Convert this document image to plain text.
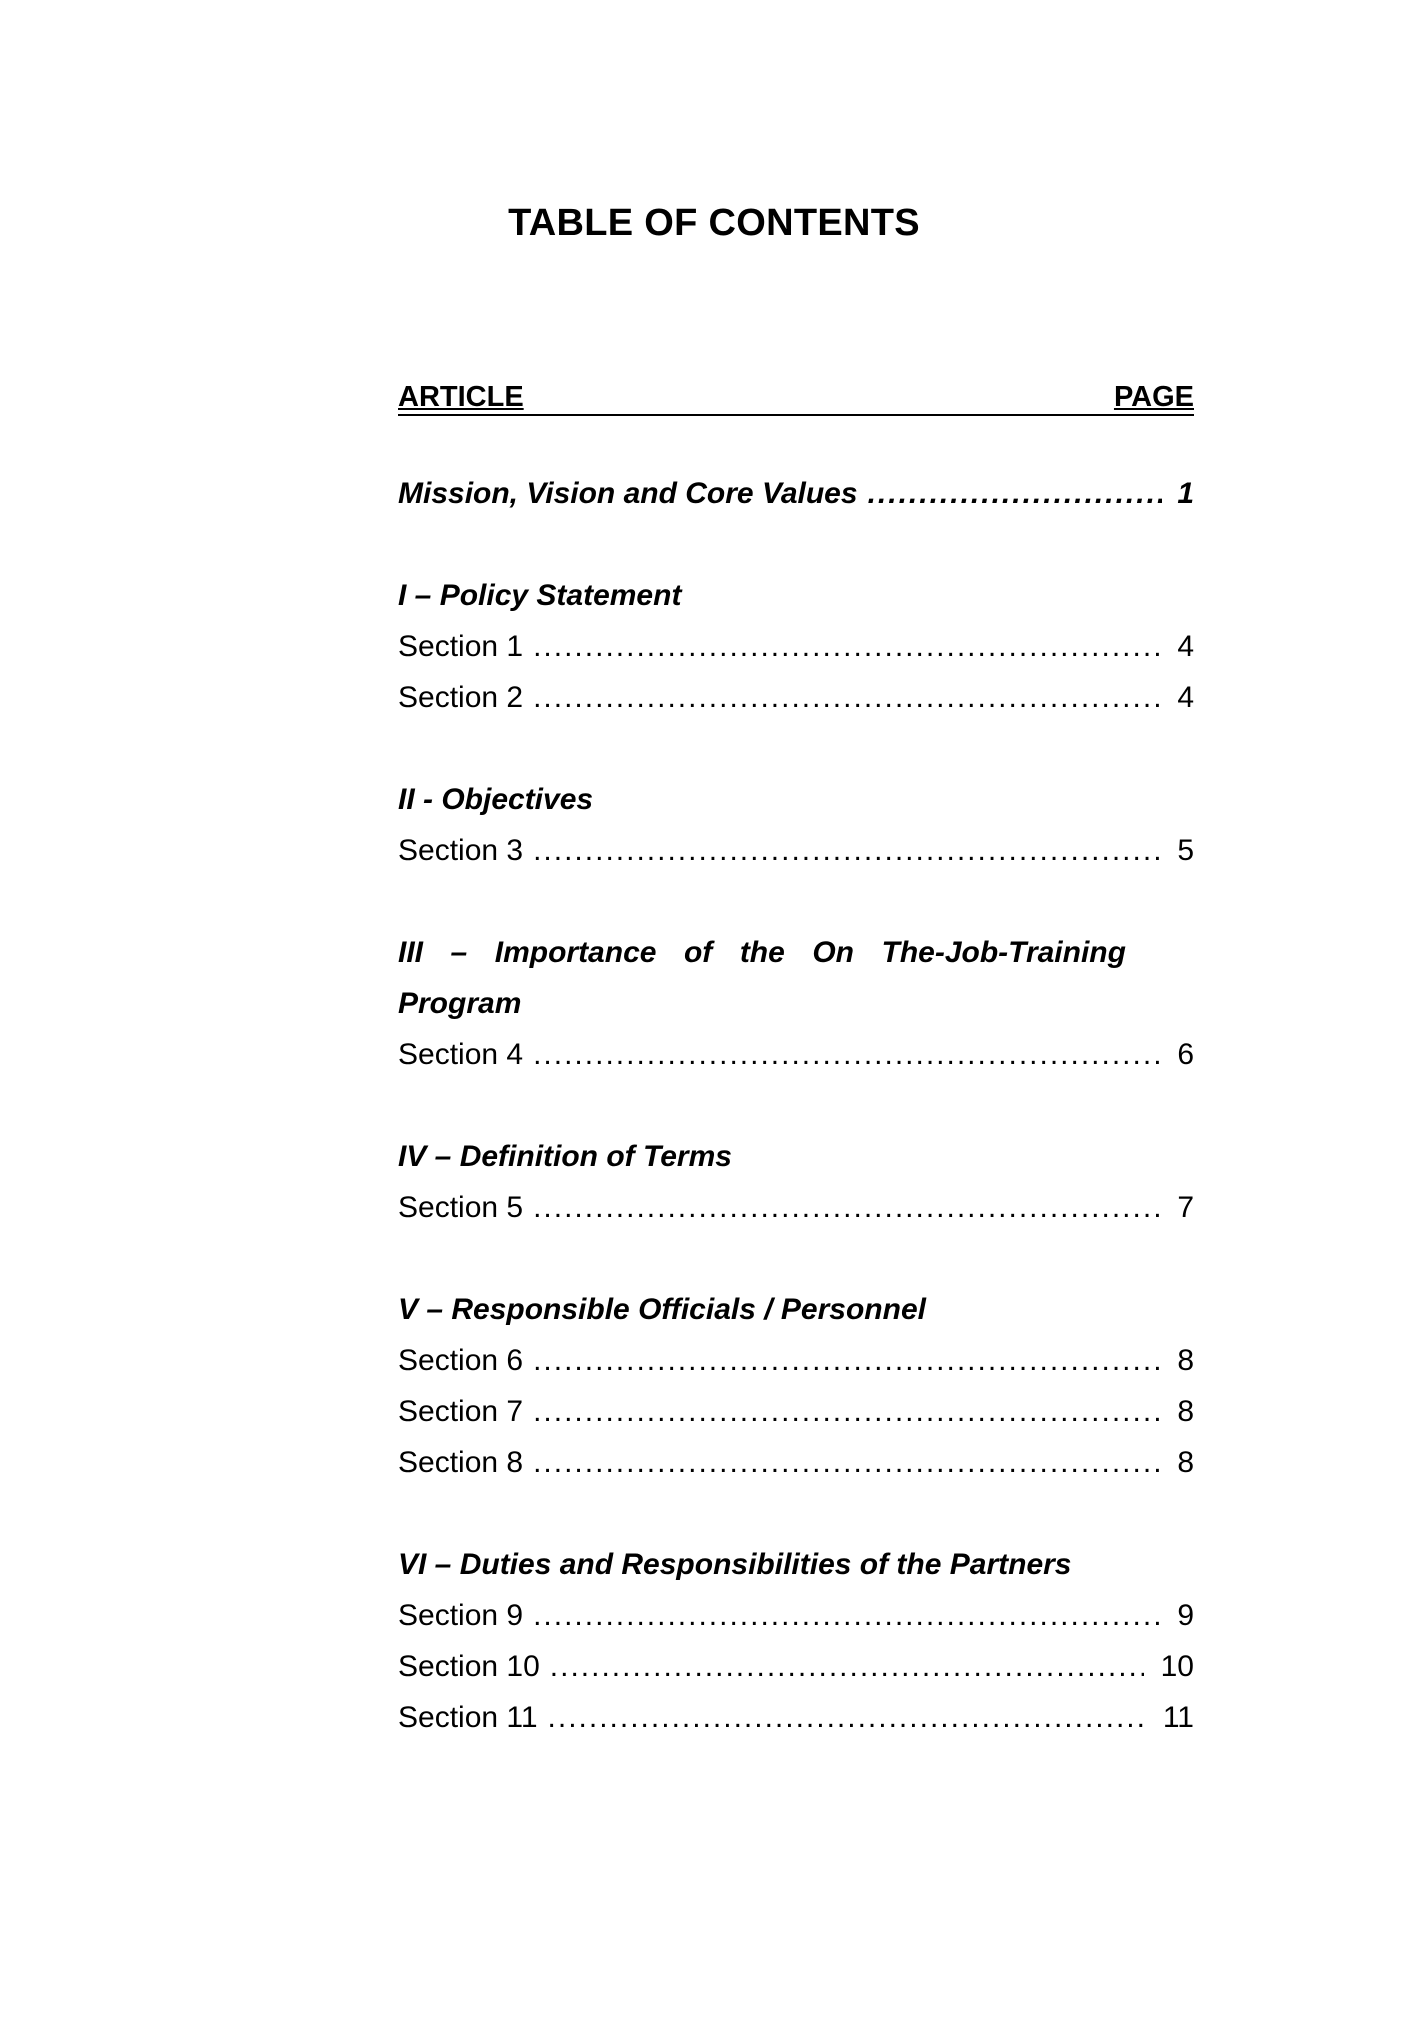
TABLE OF CONTENTS
ARTICLE	PAGE
Mission, Vision and Core Values .....	1
I – Policy Statement
Section 1 .....	4
Section 2 .....	4
II - Objectives
Section 3 .....	5
III – Importance of the On The-Job-Training
Program
Section 4 .....	6
IV – Definition of Terms
Section 5 .....	7
V – Responsible Officials / Personnel
Section 6 .....	8
Section 7 .....	8
Section 8 .....	8
VI – Duties and Responsibilities of the Partners
Section 9 .....	9
Section 10 .....	10
Section 11 .....	11
